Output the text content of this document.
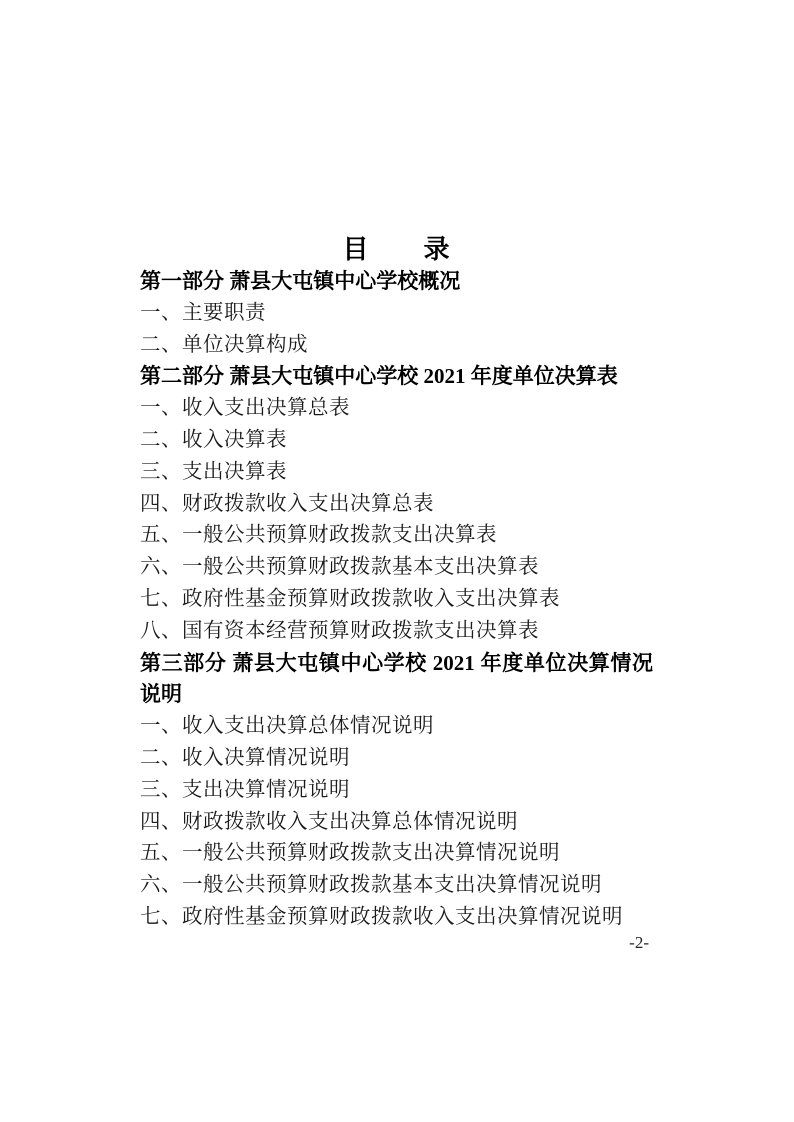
目　　录
第一部分 萧县大屯镇中心学校概况
一、主要职责
二、单位决算构成
第二部分 萧县大屯镇中心学校 2021 年度单位决算表
一、收入支出决算总表
二、收入决算表
三、支出决算表
四、财政拨款收入支出决算总表
五、一般公共预算财政拨款支出决算表
六、一般公共预算财政拨款基本支出决算表
七、政府性基金预算财政拨款收入支出决算表
八、国有资本经营预算财政拨款支出决算表
第三部分 萧县大屯镇中心学校 2021 年度单位决算情况说明
一、收入支出决算总体情况说明
二、收入决算情况说明
三、支出决算情况说明
四、财政拨款收入支出决算总体情况说明
五、一般公共预算财政拨款支出决算情况说明
六、一般公共预算财政拨款基本支出决算情况说明
七、政府性基金预算财政拨款收入支出决算情况说明
-2-
